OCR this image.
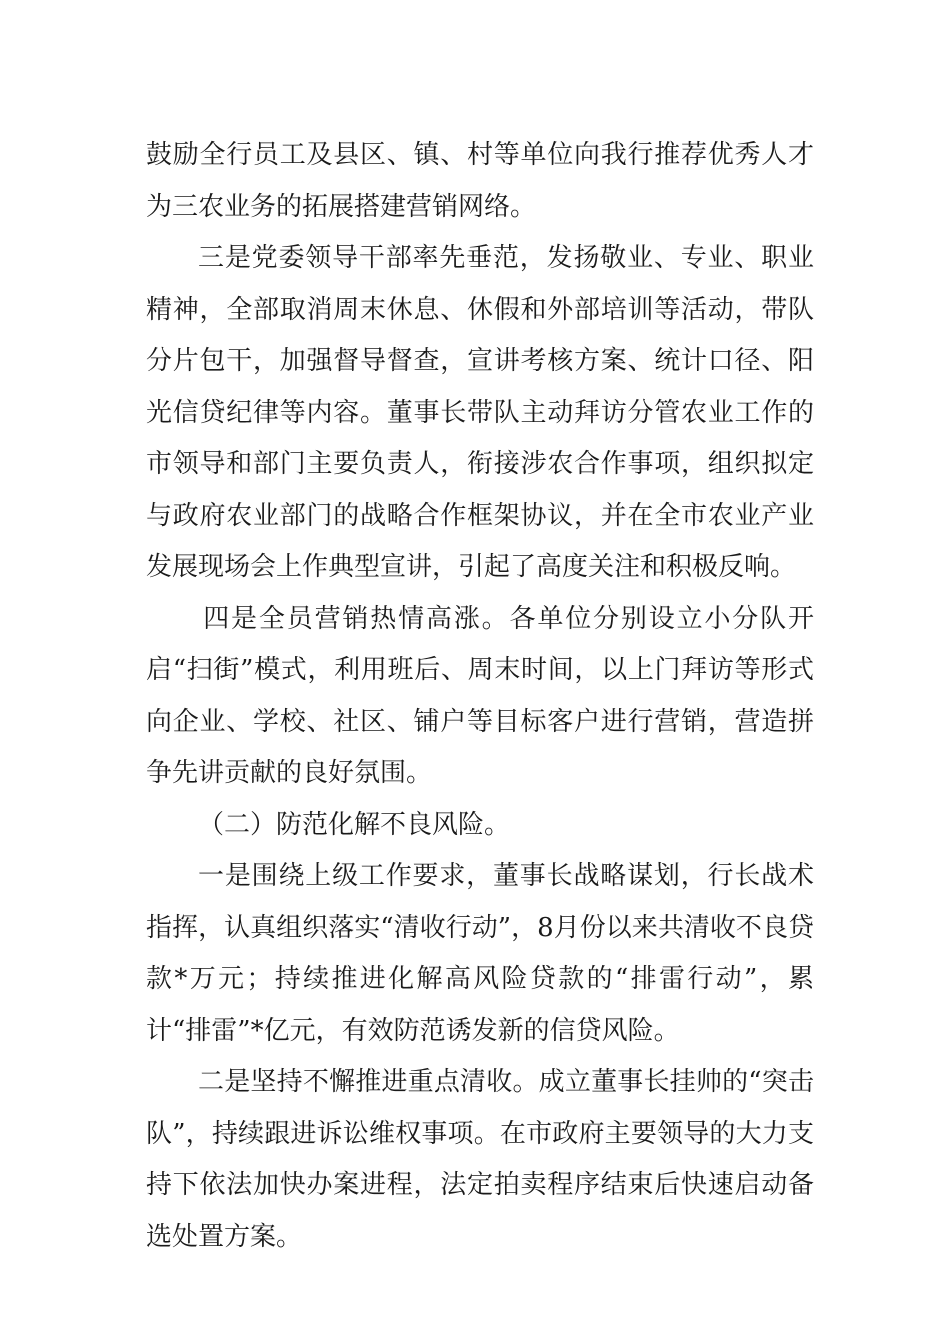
鼓励全行员工及县区、镇、村等单位向我行推荐优秀人才为三农业务的拓展搭建营销网络。

三是党委领导干部率先垂范，发扬敬业、专业、职业精神，全部取消周末休息、休假和外部培训等活动，带队分片包干，加强督导督查，宣讲考核方案、统计口径、阳光信贷纪律等内容。董事长带队主动拜访分管农业工作的市领导和部门主要负责人，衔接涉农合作事项，组织拟定与政府农业部门的战略合作框架协议，并在全市农业产业发展现场会上作典型宣讲，引起了高度关注和积极反响。

四是全员营销热情高涨。各单位分别设立小分队开启“扫街”模式，利用班后、周末时间，以上门拜访等形式向企业、学校、社区、铺户等目标客户进行营销，营造拼争先讲贡献的良好氛围。

（二）防范化解不良风险。

一是围绕上级工作要求，董事长战略谋划，行长战术指挥，认真组织落实“清收行动”，8月份以来共清收不良贷款*万元；持续推进化解高风险贷款的“排雷行动”，累计“排雷”*亿元，有效防范诱发新的信贷风险。

二是坚持不懈推进重点清收。成立董事长挂帅的“突击队”，持续跟进诉讼维权事项。在市政府主要领导的大力支持下依法加快办案进程，法定拍卖程序结束后快速启动备选处置方案。
